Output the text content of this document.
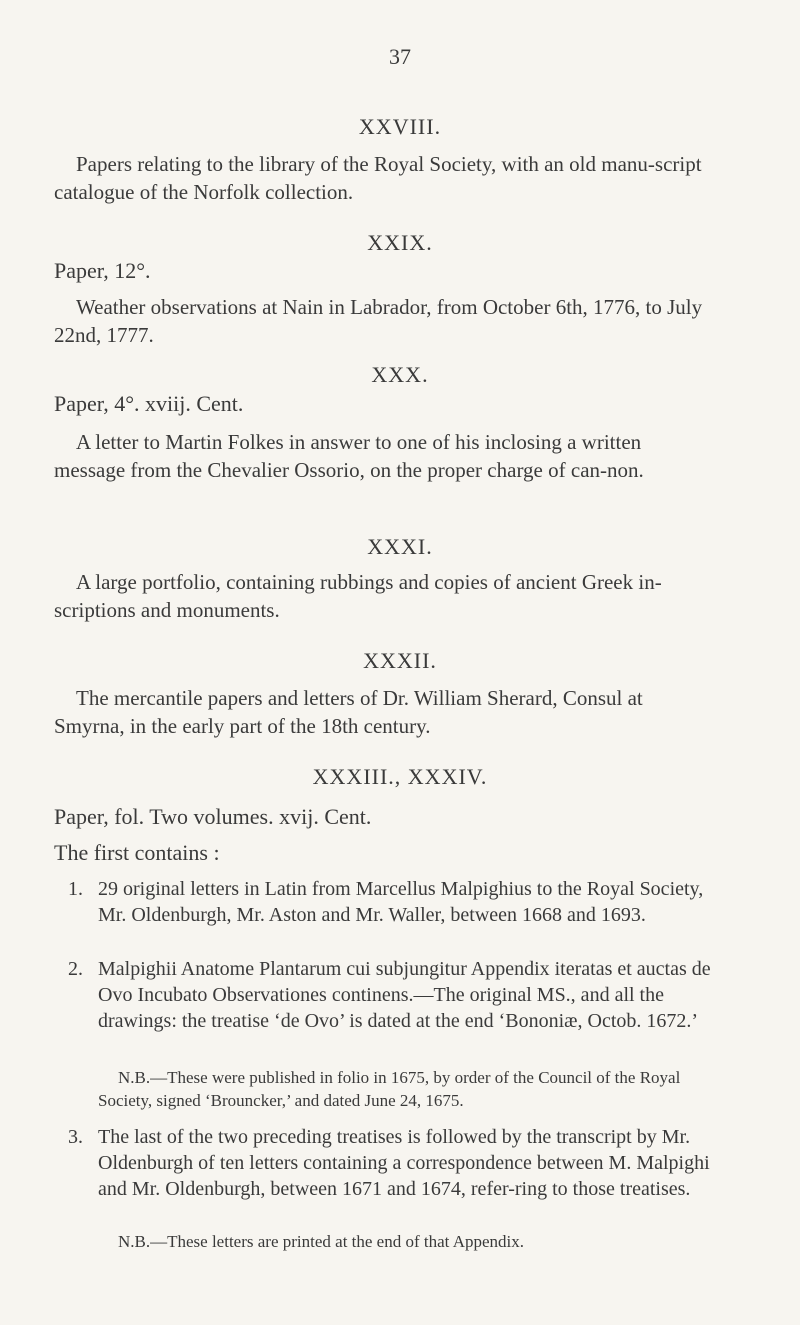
37
XXVIII.
Papers relating to the library of the Royal Society, with an old manu-script catalogue of the Norfolk collection.
XXIX.
Paper, 12°.
Weather observations at Nain in Labrador, from October 6th, 1776, to July 22nd, 1777.
XXX.
Paper, 4°. xviij. Cent.
A letter to Martin Folkes in answer to one of his inclosing a written message from the Chevalier Ossorio, on the proper charge of can-non.
XXXI.
A large portfolio, containing rubbings and copies of ancient Greek in-scriptions and monuments.
XXXII.
The mercantile papers and letters of Dr. William Sherard, Consul at Smyrna, in the early part of the 18th century.
XXXIII., XXXIV.
Paper, fol. Two volumes. xvij. Cent.
The first contains :
1. 29 original letters in Latin from Marcellus Malpighius to the Royal Society, Mr. Oldenburgh, Mr. Aston and Mr. Waller, between 1668 and 1693.
2. Malpighii Anatome Plantarum cui subjungitur Appendix iteratas et auctas de Ovo Incubato Observationes continens.—The original MS., and all the drawings: the treatise ‘de Ovo’ is dated at the end ‘Bononiæ, Octob. 1672.’
N.B.—These were published in folio in 1675, by order of the Council of the Royal Society, signed ‘Brouncker,’ and dated June 24, 1675.
3. The last of the two preceding treatises is followed by the transcript by Mr. Oldenburgh of ten letters containing a correspondence between M. Malpighi and Mr. Oldenburgh, between 1671 and 1674, refer-ring to those treatises.
N.B.—These letters are printed at the end of that Appendix.
